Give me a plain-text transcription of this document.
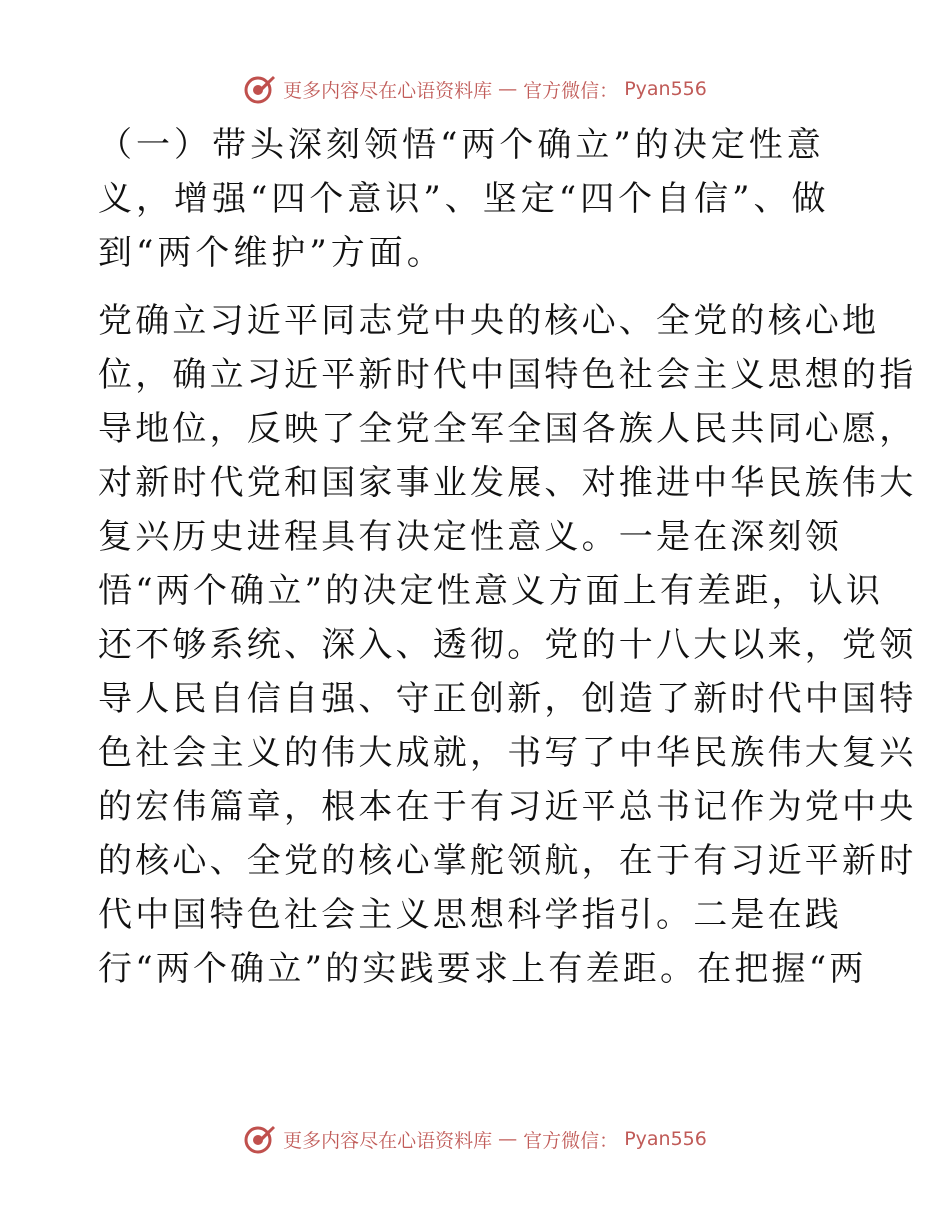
更多内容尽在心语资料库 — 官方微信： Pyan556
（一）带头深刻领悟“两个确立”的决定性意
义，增强“四个意识”、坚定“四个自信”、做
到“两个维护”方面。
党确立习近平同志党中央的核心、全党的核心地
位，确立习近平新时代中国特色社会主义思想的指
导地位，反映了全党全军全国各族人民共同心愿，
对新时代党和国家事业发展、对推进中华民族伟大
复兴历史进程具有决定性意义。一是在深刻领
悟“两个确立”的决定性意义方面上有差距，认识
还不够系统、深入、透彻。党的十八大以来，党领
导人民自信自强、守正创新，创造了新时代中国特
色社会主义的伟大成就，书写了中华民族伟大复兴
的宏伟篇章，根本在于有习近平总书记作为党中央
的核心、全党的核心掌舵领航，在于有习近平新时
代中国特色社会主义思想科学指引。二是在践
行“两个确立”的实践要求上有差距。在把握“两
更多内容尽在心语资料库 — 官方微信： Pyan556
